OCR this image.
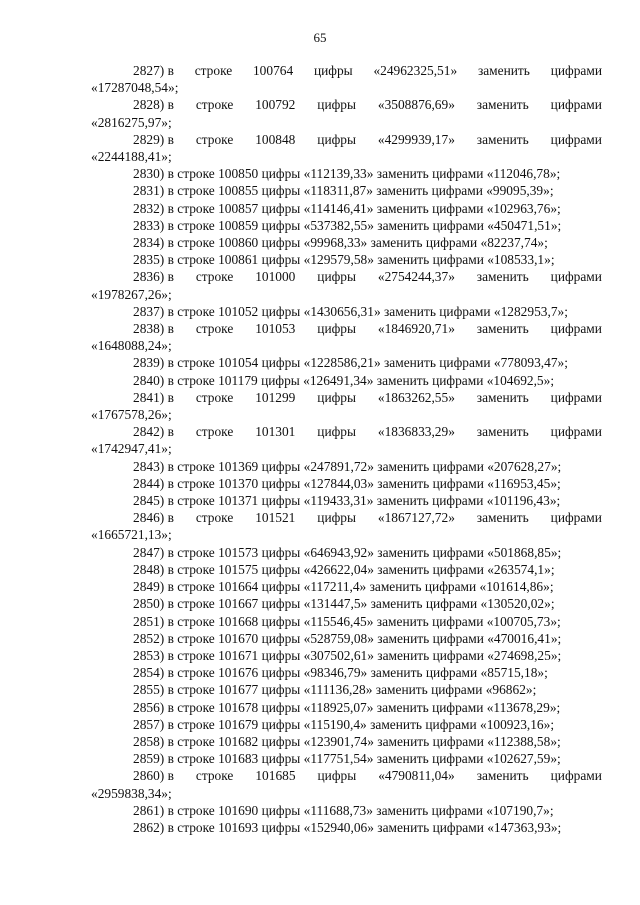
65
2827) в строке 100764 цифры «24962325,51» заменить цифрами
«17287048,54»;
2828) в строке 100792 цифры «3508876,69» заменить цифрами
«2816275,97»;
2829) в строке 100848 цифры «4299939,17» заменить цифрами
«2244188,41»;
2830) в строке 100850 цифры «112139,33» заменить цифрами «112046,78»;
2831) в строке 100855 цифры «118311,87» заменить цифрами «99095,39»;
2832) в строке 100857 цифры «114146,41» заменить цифрами «102963,76»;
2833) в строке 100859 цифры «537382,55» заменить цифрами «450471,51»;
2834) в строке 100860 цифры «99968,33» заменить цифрами «82237,74»;
2835) в строке 100861 цифры «129579,58» заменить цифрами «108533,1»;
2836) в строке 101000 цифры «2754244,37» заменить цифрами
«1978267,26»;
2837) в строке 101052 цифры «1430656,31» заменить цифрами «1282953,7»;
2838) в строке 101053 цифры «1846920,71» заменить цифрами
«1648088,24»;
2839) в строке 101054 цифры «1228586,21» заменить цифрами «778093,47»;
2840) в строке 101179 цифры «126491,34» заменить цифрами «104692,5»;
2841) в строке 101299 цифры «1863262,55» заменить цифрами
«1767578,26»;
2842) в строке 101301 цифры «1836833,29» заменить цифрами
«1742947,41»;
2843) в строке 101369 цифры «247891,72» заменить цифрами «207628,27»;
2844) в строке 101370 цифры «127844,03» заменить цифрами «116953,45»;
2845) в строке 101371 цифры «119433,31» заменить цифрами «101196,43»;
2846) в строке 101521 цифры «1867127,72» заменить цифрами
«1665721,13»;
2847) в строке 101573 цифры «646943,92» заменить цифрами «501868,85»;
2848) в строке 101575 цифры «426622,04» заменить цифрами «263574,1»;
2849) в строке 101664 цифры «117211,4» заменить цифрами «101614,86»;
2850) в строке 101667 цифры «131447,5» заменить цифрами «130520,02»;
2851) в строке 101668 цифры «115546,45» заменить цифрами «100705,73»;
2852) в строке 101670 цифры «528759,08» заменить цифрами «470016,41»;
2853) в строке 101671 цифры «307502,61» заменить цифрами «274698,25»;
2854) в строке 101676 цифры «98346,79» заменить цифрами «85715,18»;
2855) в строке 101677 цифры «111136,28» заменить цифрами «96862»;
2856) в строке 101678 цифры «118925,07» заменить цифрами «113678,29»;
2857) в строке 101679 цифры «115190,4» заменить цифрами «100923,16»;
2858) в строке 101682 цифры «123901,74» заменить цифрами «112388,58»;
2859) в строке 101683 цифры «117751,54» заменить цифрами «102627,59»;
2860) в строке 101685 цифры «4790811,04» заменить цифрами
«2959838,34»;
2861) в строке 101690 цифры «111688,73» заменить цифрами «107190,7»;
2862) в строке 101693 цифры «152940,06» заменить цифрами «147363,93»;
